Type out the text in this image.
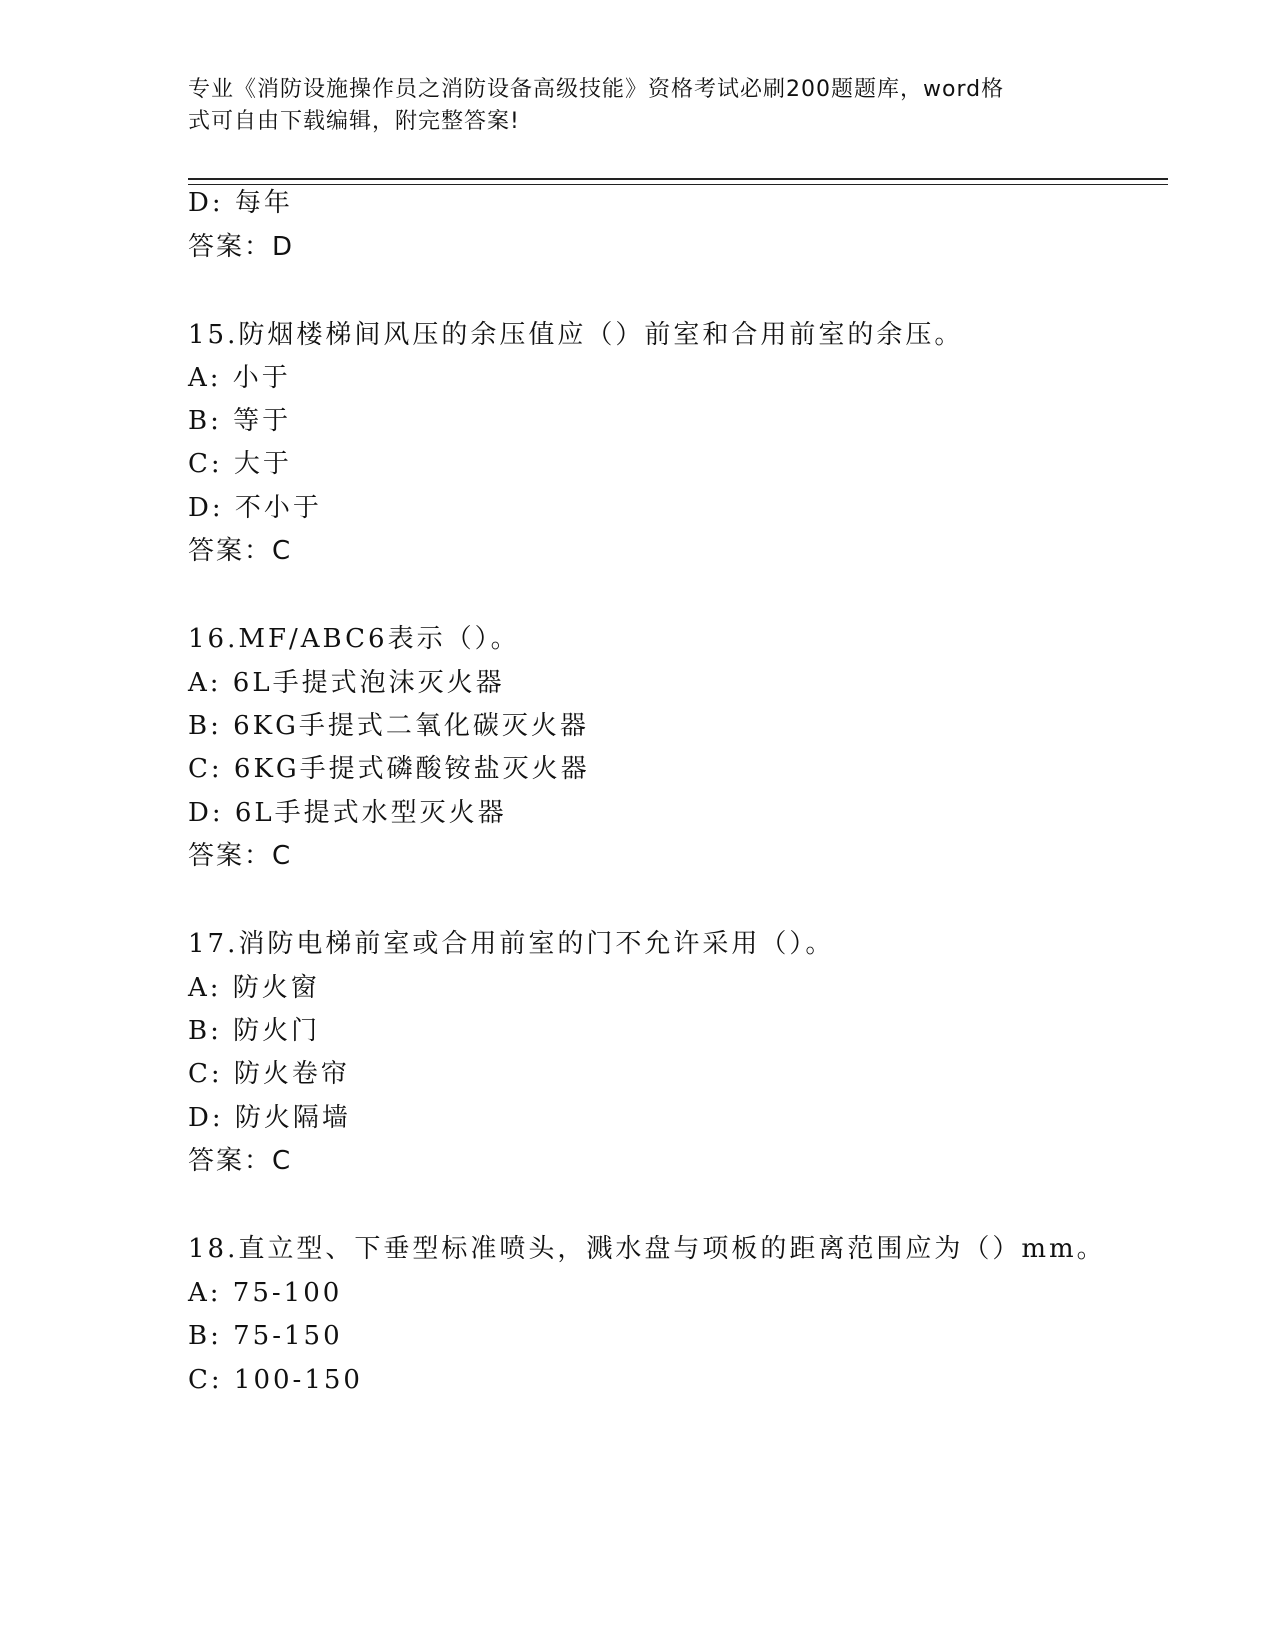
专业《消防设施操作员之消防设备高级技能》资格考试必刷200题题库，word格
式可自由下载编辑，附完整答案!
D: 每年
答案：D
15.防烟楼梯间风压的余压值应（）前室和合用前室的余压。
A: 小于
B: 等于
C: 大于
D: 不小于
答案：C
16.MF/ABC6表示（）。
A: 6L手提式泡沫灭火器
B: 6KG手提式二氧化碳灭火器
C: 6KG手提式磷酸铵盐灭火器
D: 6L手提式水型灭火器
答案：C
17.消防电梯前室或合用前室的门不允许采用（）。
A: 防火窗
B: 防火门
C: 防火卷帘
D: 防火隔墙
答案：C
18.直立型、下垂型标准喷头，溅水盘与项板的距离范围应为（）mm。
A: 75-100
B: 75-150
C: 100-150
